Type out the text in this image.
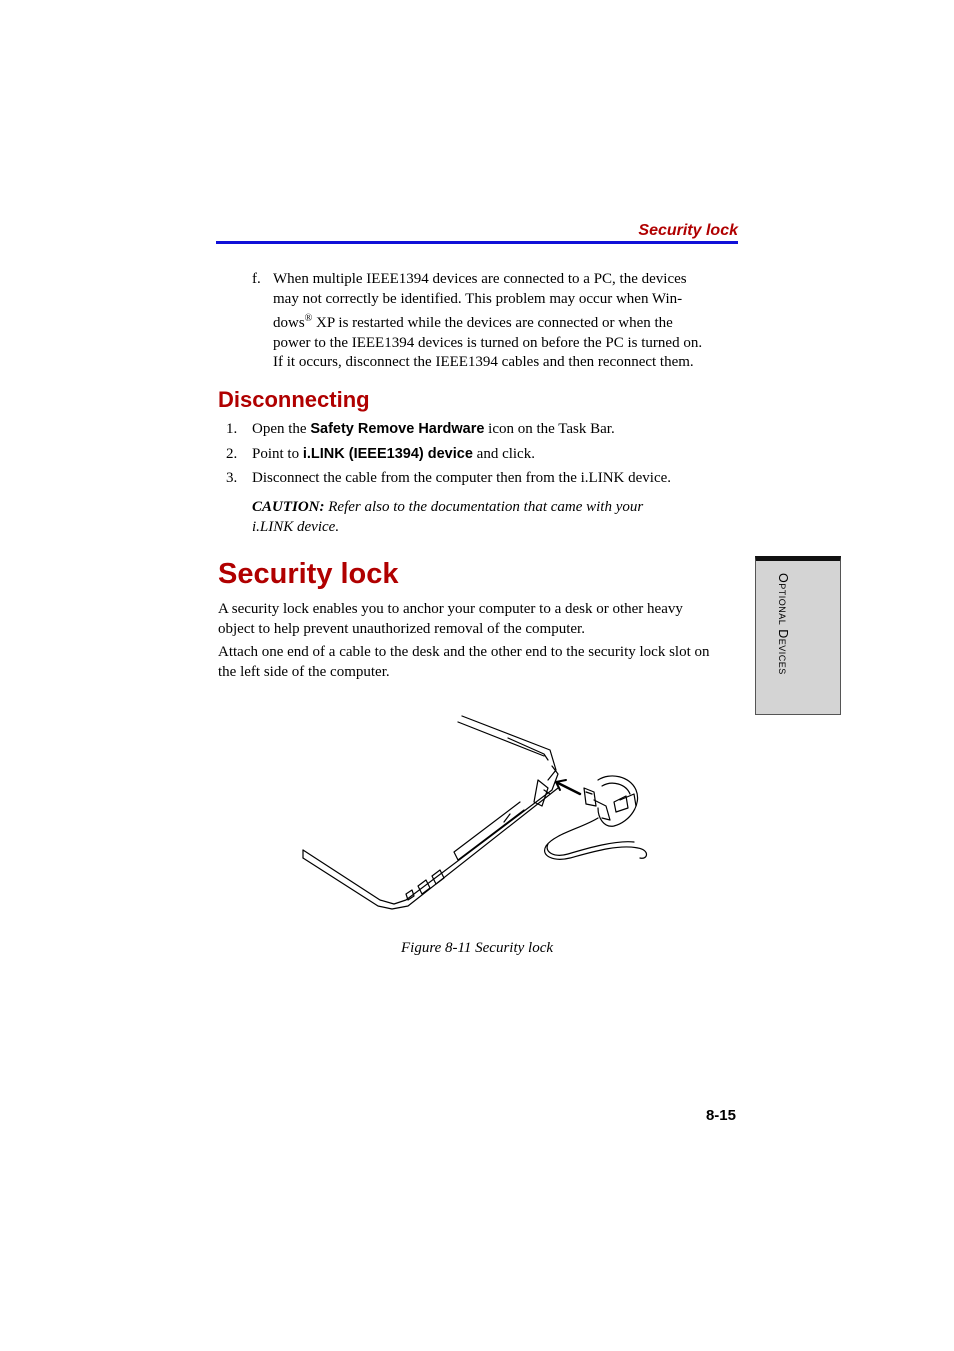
Security lock
f. When multiple IEEE1394 devices are connected to a PC, the devices
may not correctly be identified. This problem may occur when Win-
dows® XP is restarted while the devices are connected or when the
power to the IEEE1394 devices is turned on before the PC is turned on.
If it occurs, disconnect the IEEE1394 cables and then reconnect them.
Disconnecting
1. Open the Safety Remove Hardware icon on the Task Bar.
2. Point to i.LINK (IEEE1394) device and click.
3. Disconnect the cable from the computer then from the i.LINK device.
CAUTION: Refer also to the documentation that came with your
i.LINK device.
Security lock
A security lock enables you to anchor your computer to a desk or other heavy
object to help prevent unauthorized removal of the computer.
Attach one end of a cable to the desk and the other end to the security lock slot on
the left side of the computer.	Optional Devices
Figure 8-11 Security lock
8-15
